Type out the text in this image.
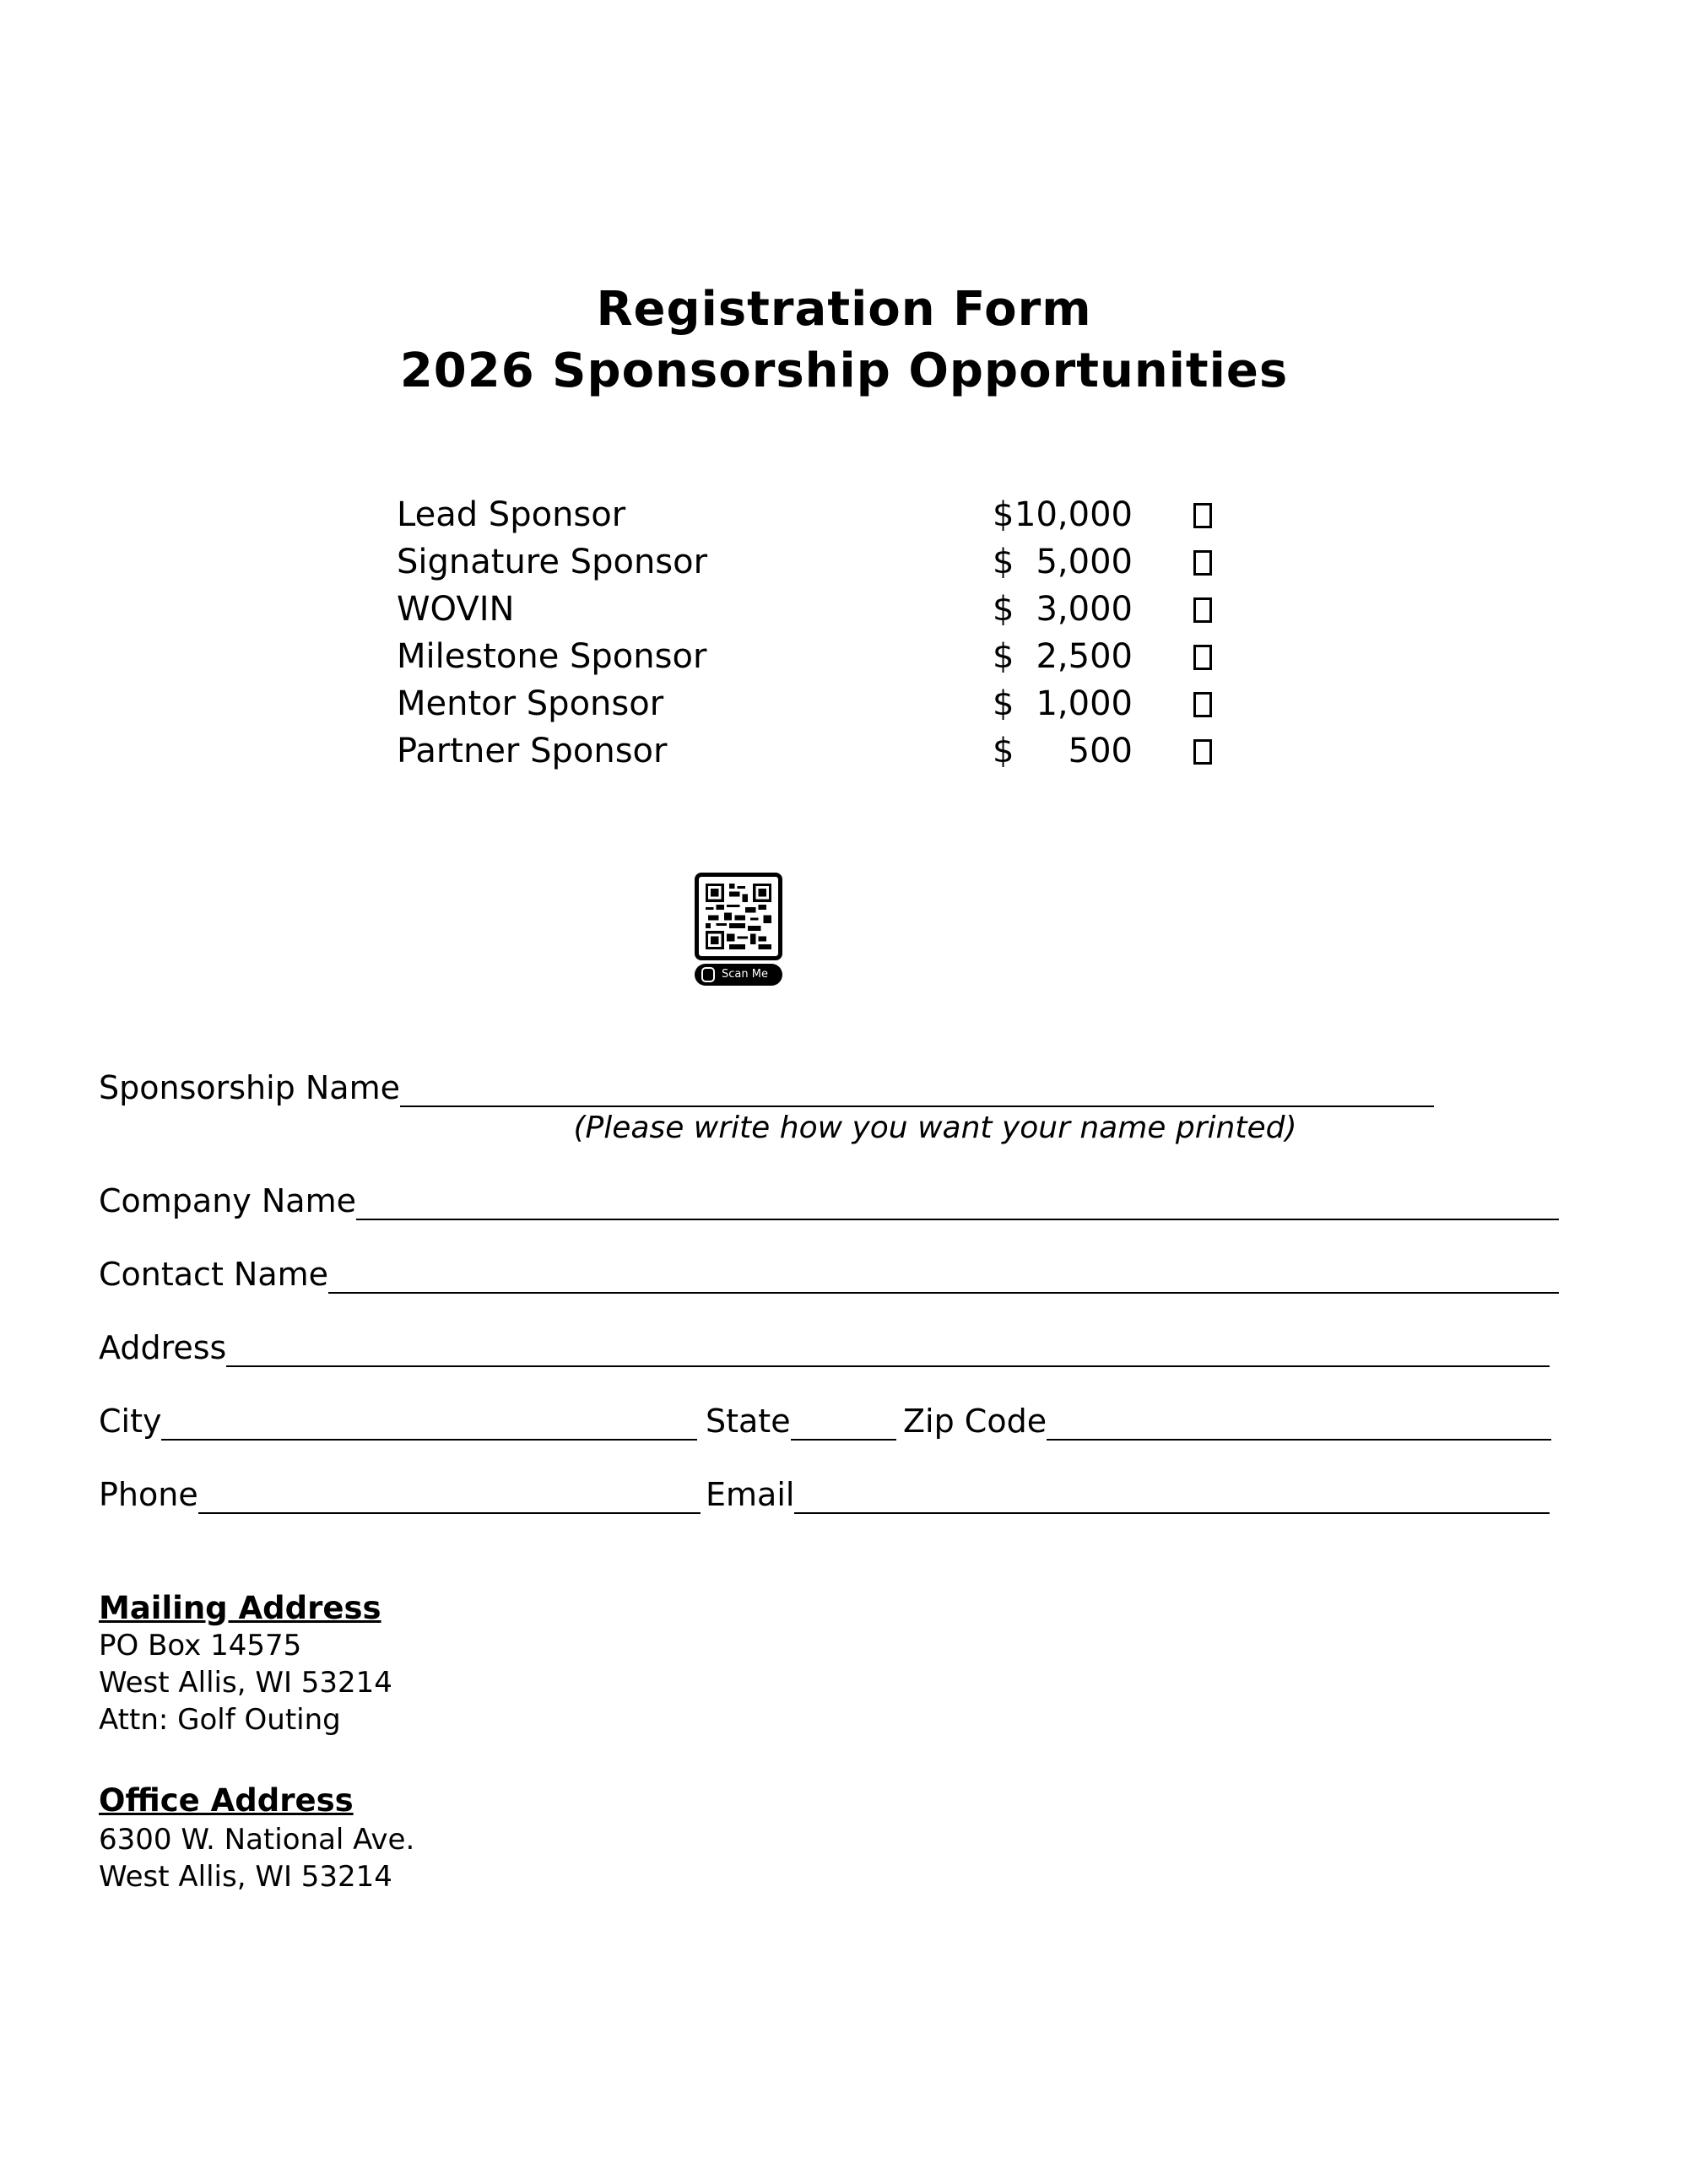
Registration Form
2026 Sponsorship Opportunities
Lead Sponsor	$ 10,000
Signature Sponsor	$ 5,000
WOVIN	$ 3,000
Milestone Sponsor	$ 2,500
Mentor Sponsor	$ 1,000
Partner Sponsor	$ 500
Scan Me
Sponsorship Name
(Please write how you want your name printed)
Company Name
Contact Name
Address
City	State	Zip Code
Phone	Email
Mailing Address
PO Box 14575
West Allis, WI 53214
Attn: Golf Outing
Office Address
6300 W. National Ave.
West Allis, WI 53214
